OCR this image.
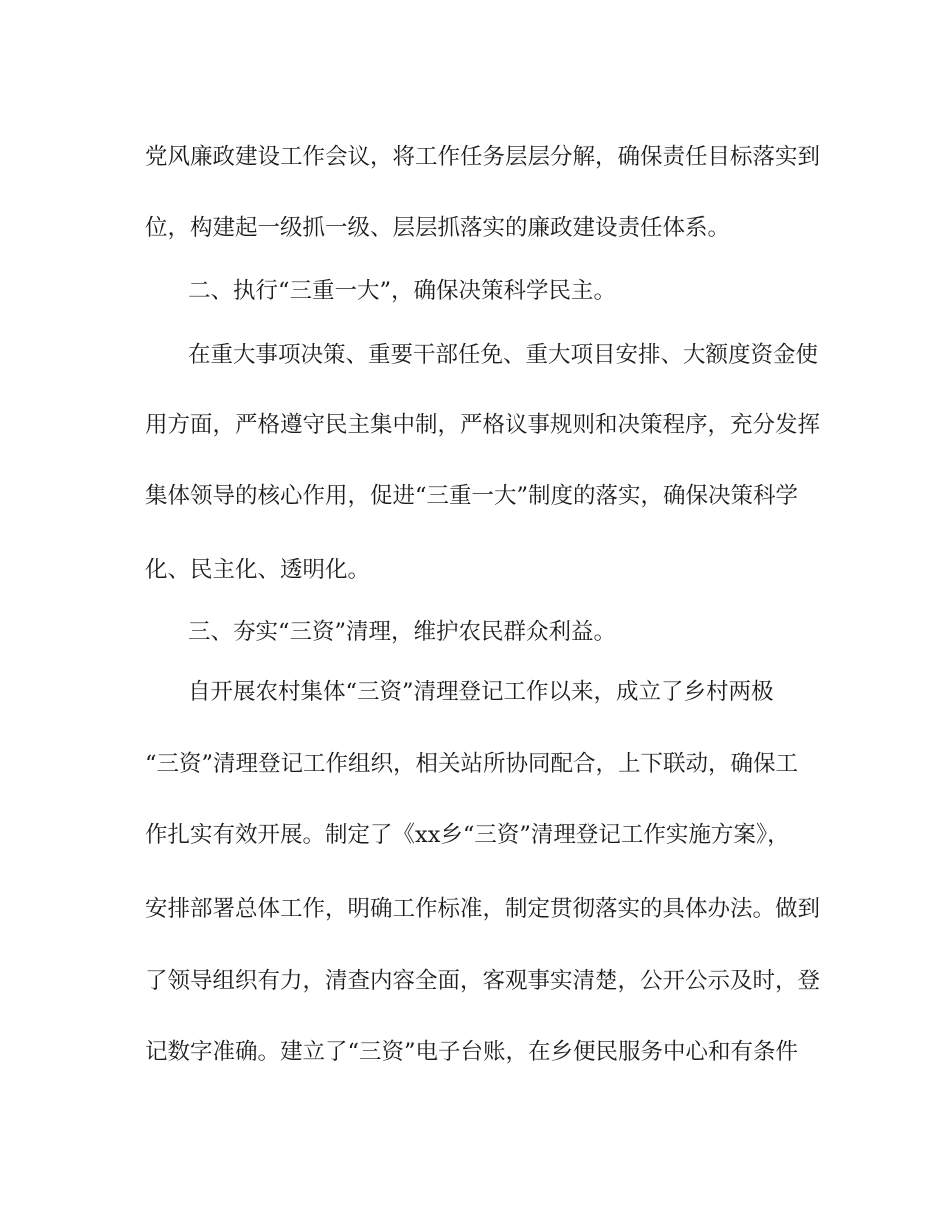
党风廉政建设工作会议，将工作任务层层分解，确保责任目标落实到
位，构建起一级抓一级、层层抓落实的廉政建设责任体系。
二、执行“三重一大”，确保决策科学民主。
在重大事项决策、重要干部任免、重大项目安排、大额度资金使
用方面，严格遵守民主集中制，严格议事规则和决策程序，充分发挥
集体领导的核心作用，促进“三重一大”制度的落实，确保决策科学
化、民主化、透明化。
三、夯实“三资”清理，维护农民群众利益。
自开展农村集体“三资”清理登记工作以来，成立了乡村两极
“三资”清理登记工作组织，相关站所协同配合，上下联动，确保工
作扎实有效开展。制定了《xx乡“三资”清理登记工作实施方案》，
安排部署总体工作，明确工作标准，制定贯彻落实的具体办法。做到
了领导组织有力，清查内容全面，客观事实清楚，公开公示及时，登
记数字准确。建立了“三资”电子台账，在乡便民服务中心和有条件
